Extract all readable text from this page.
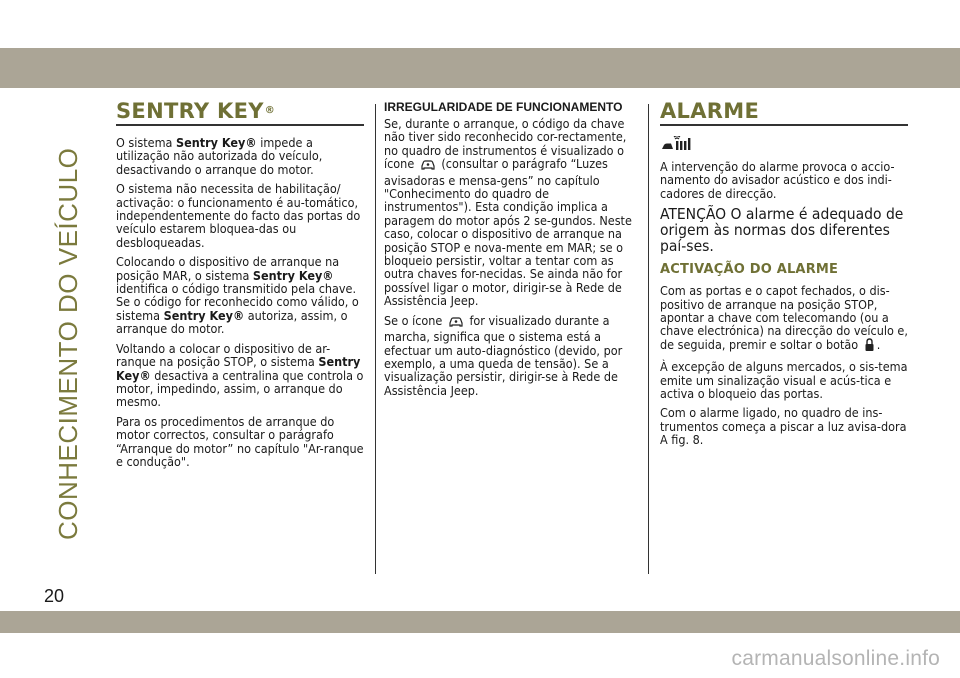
CONHECIMENTO DO VEÍCULO
SENTRY KEY®

O sistema Sentry Key® impede a utilização não autorizada do veículo, desactivando o arranque do motor.

O sistema não necessita de habilitação/ activação: o funcionamento é au-tomático, independentemente do facto das portas do veículo estarem bloquea-das ou desbloqueadas.

Colocando o dispositivo de arranque na posição MAR, o sistema Sentry Key® identifica o código transmitido pela chave. Se o código for reconhecido como válido, o sistema Sentry Key® autoriza, assim, o arranque do motor.

Voltando a colocar o dispositivo de ar-ranque na posição STOP, o sistema Sentry Key® desactiva a centralina que controla o motor, impedindo, assim, o arranque do mesmo.

Para os procedimentos de arranque do motor correctos, consultar o parágrafo “Arranque do motor” no capítulo "Ar-ranque e condução".

IRREGULARIDADE DE FUNCIONAMENTO

Se, durante o arranque, o código da chave não tiver sido reconhecido cor-rectamente, no quadro de instrumentos é visualizado o ícone  (consultar o parágrafo “Luzes avisadoras e mensa-gens” no capítulo "Conhecimento do quadro de instrumentos"). Esta condição implica a paragem do motor após 2 se-gundos. Neste caso, colocar o dispositivo de arranque na posição STOP e nova-mente em MAR; se o bloqueio persistir, voltar a tentar com as outra chaves for-necidas. Se ainda não for possível ligar o motor, dirigir-se à Rede de Assistência Jeep.

Se o ícone  for visualizado durante a marcha, significa que o sistema está a efectuar um auto-diagnóstico (devido, por exemplo, a uma queda de tensão). Se a visualização persistir, dirigir-se à Rede de Assistência Jeep.

ALARME

A intervenção do alarme provoca o accio-namento do avisador acústico e dos indi-cadores de direcção.

ATENÇÃO O alarme é adequado de origem às normas dos diferentes paí-ses.

ACTIVAÇÃO DO ALARME

Com as portas e o capot fechados, o dis-positivo de arranque na posição STOP, apontar a chave com telecomando (ou a chave electrónica) na direcção do veículo e, de seguida, premir e soltar o botão .

À excepção de alguns mercados, o sis-tema emite um sinalização visual e acús-tica e activa o bloqueio das portas.

Com o alarme ligado, no quadro de ins-trumentos começa a piscar a luz avisa-dora A fig. 8.

20
carmanualsonline.info
